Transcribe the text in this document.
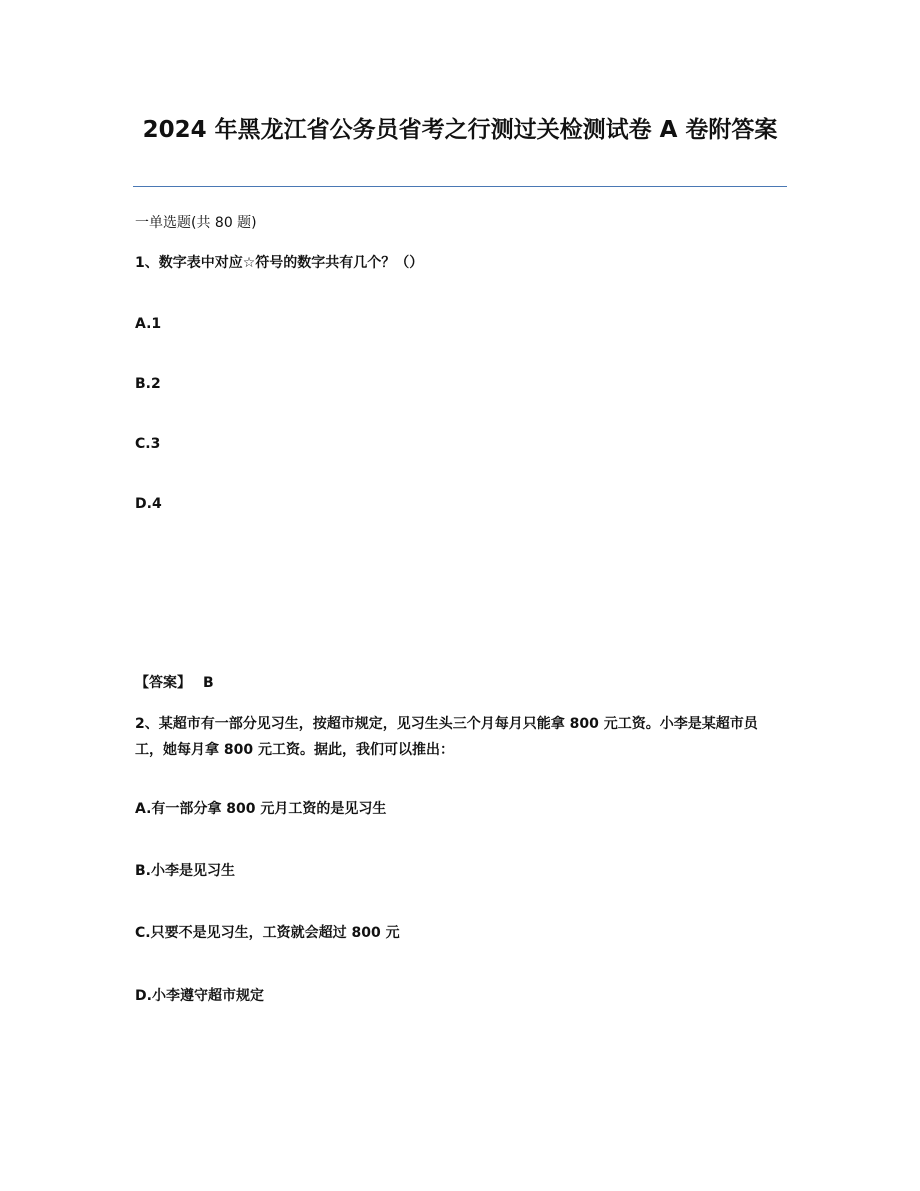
2024 年黑龙江省公务员省考之行测过关检测试卷 A 卷附答案

一单选题(共 80 题)

1、数字表中对应☆符号的数字共有几个？（）

A.1

B.2

C.3

D.4

【答案】 B

2、某超市有一部分见习生，按超市规定，见习生头三个月每月只能拿 800 元工资。小李是某超市员工，她每月拿 800 元工资。据此，我们可以推出：

A.有一部分拿 800 元月工资的是见习生

B.小李是见习生

C.只要不是见习生，工资就会超过 800 元

D.小李遵守超市规定
